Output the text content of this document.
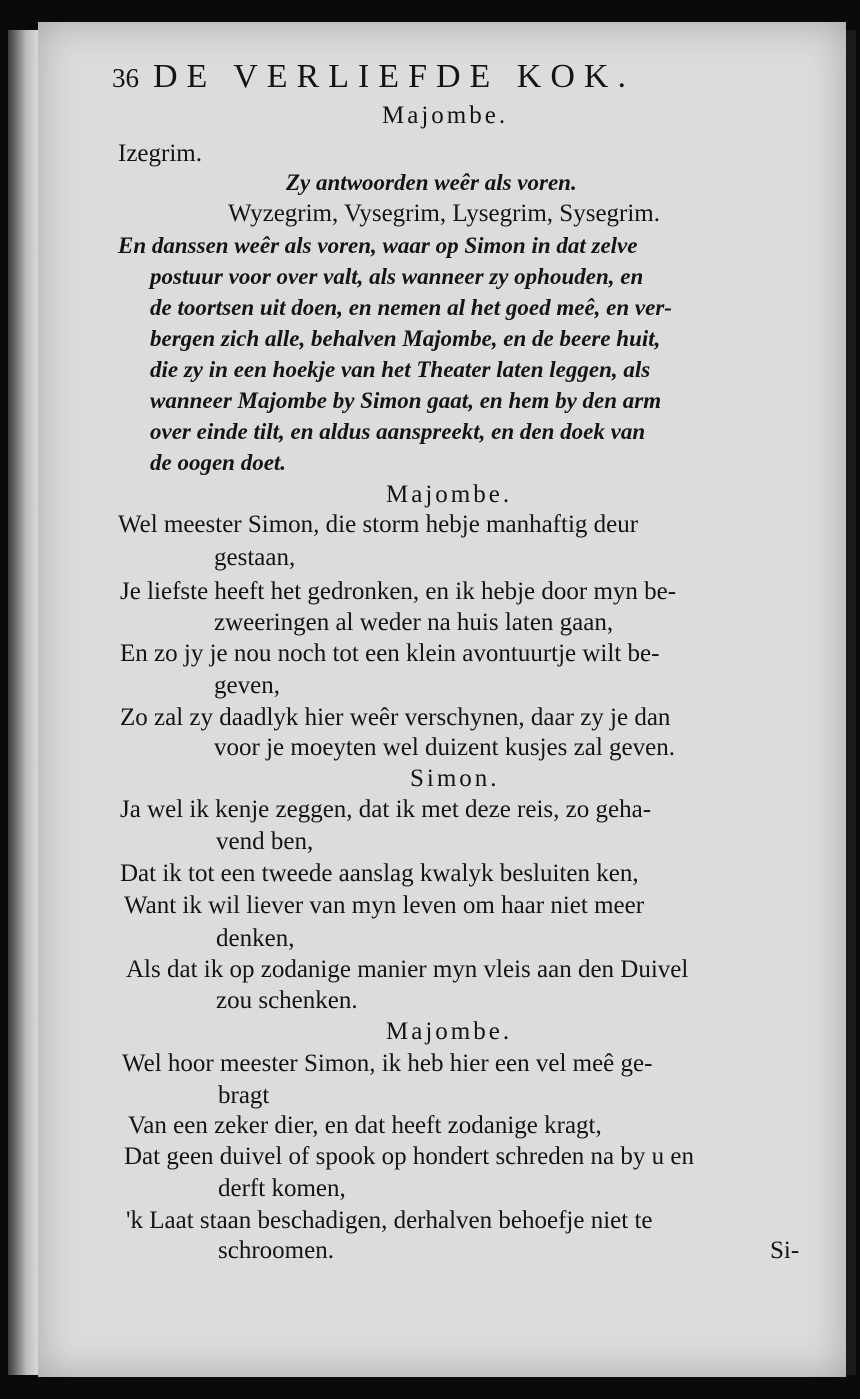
36 DE VERLIEFDE KOK.
Majombe.
Izegrim.
Zy antwoorden weêr als voren.
Wyzegrim, Vysegrim, Lysegrim, Sysegrim.
En danssen weêr als voren, waar op Simon in dat zelve
postuur voor over valt, als wanneer zy ophouden, en
de toortsen uit doen, en nemen al het goed meê, en ver-
bergen zich alle, behalven Majombe, en de beere huit,
die zy in een hoekje van het Theater laten leggen, als
wanneer Majombe by Simon gaat, en hem by den arm
over einde tilt, en aldus aanspreekt, en den doek van
de oogen doet.
Majombe.
Wel meester Simon, die storm hebje manhaftig deur
gestaan,
Je liefste heeft het gedronken, en ik hebje door myn be-
zweeringen al weder na huis laten gaan,
En zo jy je nou noch tot een klein avontuurtje wilt be-
geven,
Zo zal zy daadlyk hier weêr verschynen, daar zy je dan
voor je moeyten wel duizent kusjes zal geven.
Simon.
Ja wel ik kenje zeggen, dat ik met deze reis, zo geha-
vend ben,
Dat ik tot een tweede aanslag kwalyk besluiten ken,
Want ik wil liever van myn leven om haar niet meer
denken,
Als dat ik op zodanige manier myn vleis aan den Duivel
zou schenken.
Majombe.
Wel hoor meester Simon, ik heb hier een vel meê ge-
bragt
Van een zeker dier, en dat heeft zodanige kragt,
Dat geen duivel of spook op hondert schreden na by u en
derft komen,
'k Laat staan beschadigen, derhalven behoefje niet te
schroomen.	Si-
